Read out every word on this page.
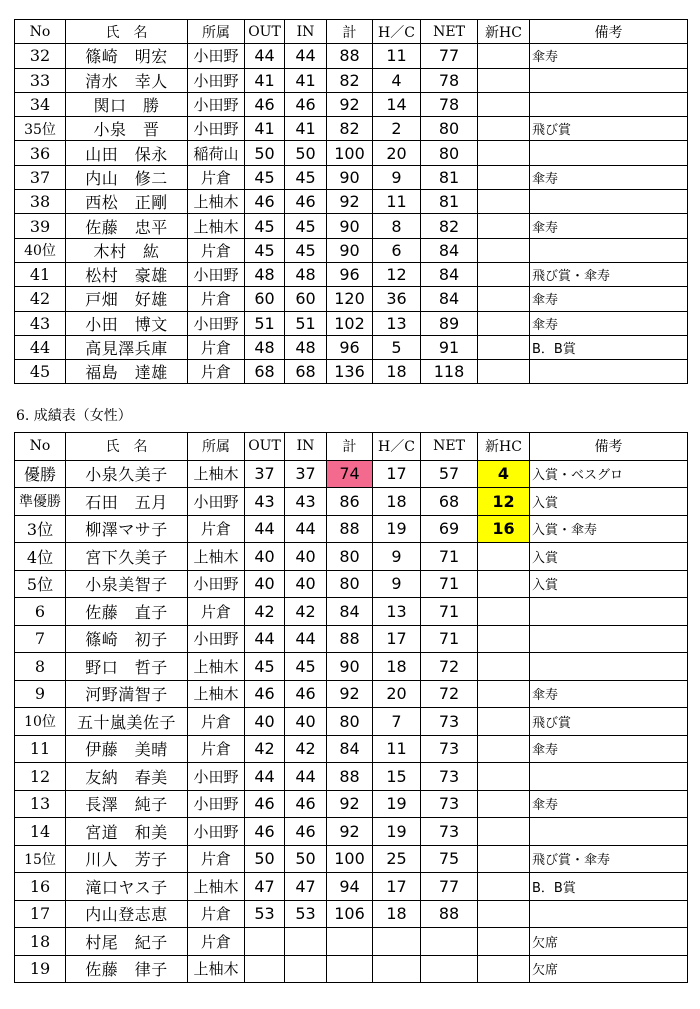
No	氏　名	所属	OUT	IN	計	H／C	NET	新HC	備考
32	篠崎　明宏	小田野	44	44	88	11	77		傘寿
33	清水　幸人	小田野	41	41	82	4	78		
34	関口　勝	小田野	46	46	92	14	78		
35位	小泉　晋	小田野	41	41	82	2	80		飛び賞
36	山田　保永	稲荷山	50	50	100	20	80		
37	内山　修二	片倉	45	45	90	9	81		傘寿
38	西松　正剛	上柚木	46	46	92	11	81		
39	佐藤　忠平	上柚木	45	45	90	8	82		傘寿
40位	木村　紘	片倉	45	45	90	6	84		
41	松村　豪雄	小田野	48	48	96	12	84		飛び賞・傘寿
42	戸畑　好雄	片倉	60	60	120	36	84		傘寿
43	小田　博文	小田野	51	51	102	13	89		傘寿
44	高見澤兵庫	片倉	48	48	96	5	91		B．B賞
45	福島　達雄	片倉	68	68	136	18	118		
6. 成績表（女性）
No	氏　名	所属	OUT	IN	計	H／C	NET	新HC	備考
優勝	小泉久美子	上柚木	37	37	74	17	57	4	入賞・ベスグロ
準優勝	石田　五月	小田野	43	43	86	18	68	12	入賞
3位	柳澤マサ子	片倉	44	44	88	19	69	16	入賞・傘寿
4位	宮下久美子	上柚木	40	40	80	9	71		入賞
5位	小泉美智子	小田野	40	40	80	9	71		入賞
6	佐藤　直子	片倉	42	42	84	13	71		
7	篠崎　初子	小田野	44	44	88	17	71		
8	野口　哲子	上柚木	45	45	90	18	72		
9	河野満智子	上柚木	46	46	92	20	72		傘寿
10位	五十嵐美佐子	片倉	40	40	80	7	73		飛び賞
11	伊藤　美晴	片倉	42	42	84	11	73		傘寿
12	友納　春美	小田野	44	44	88	15	73		
13	長澤　純子	小田野	46	46	92	19	73		傘寿
14	宮道　和美	小田野	46	46	92	19	73		
15位	川人　芳子	片倉	50	50	100	25	75		飛び賞・傘寿
16	滝口ヤス子	上柚木	47	47	94	17	77		B．B賞
17	内山登志恵	片倉	53	53	106	18	88		
18	村尾　紀子	片倉							欠席
19	佐藤　律子	上柚木							欠席
